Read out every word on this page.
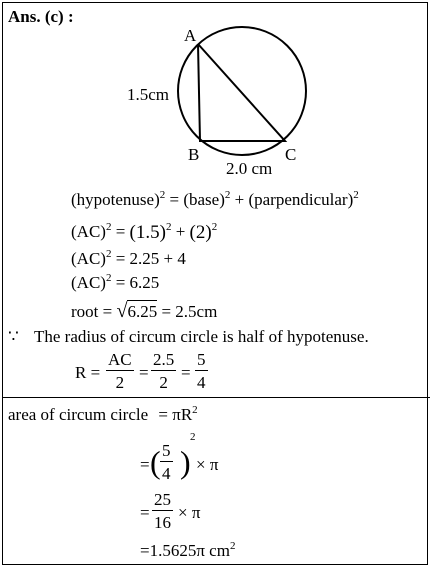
Ans. (c) :
A
B	C
1.5cm
2.0 cm
(hypotenuse)$^2$ = (base)$^2$ + (parpendicular)$^2$
$(AC)^2 = (1.5)^2 + (2)^2$
(AC)$^2$ = 2.25 + 4
(AC)$^2$ = 6.25
root = √6.25 = 2.5cm
∵ The radius of circum circle is half of hypotenuse.
$R = \frac{AC}{2} = \frac{2.5}{2} = \frac{5}{4}$
area of circum circle = $\pi R^2$
= ( $\frac{5}{4}$ )
2
× π
= $\frac{25}{16} \times \pi$
=1.5625π $cm^2$
